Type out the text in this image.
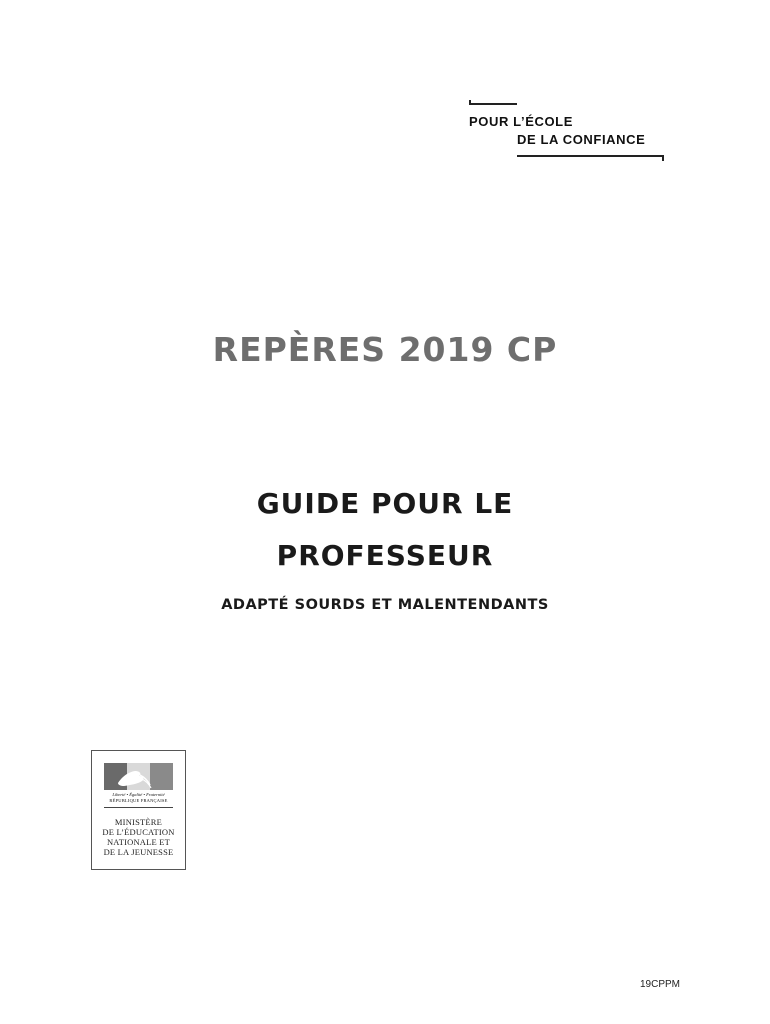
POUR L’ÉCOLE
DE LA CONFIANCE
REPÈRES 2019 CP
GUIDE POUR LE
PROFESSEUR
ADAPTÉ SOURDS ET MALENTENDANTS
Liberté • Égalité • Fraternité
RÉPUBLIQUE FRANÇAISE
MINISTÈRE
DE L’ÉDUCATION
NATIONALE ET
DE LA JEUNESSE
19CPPM
